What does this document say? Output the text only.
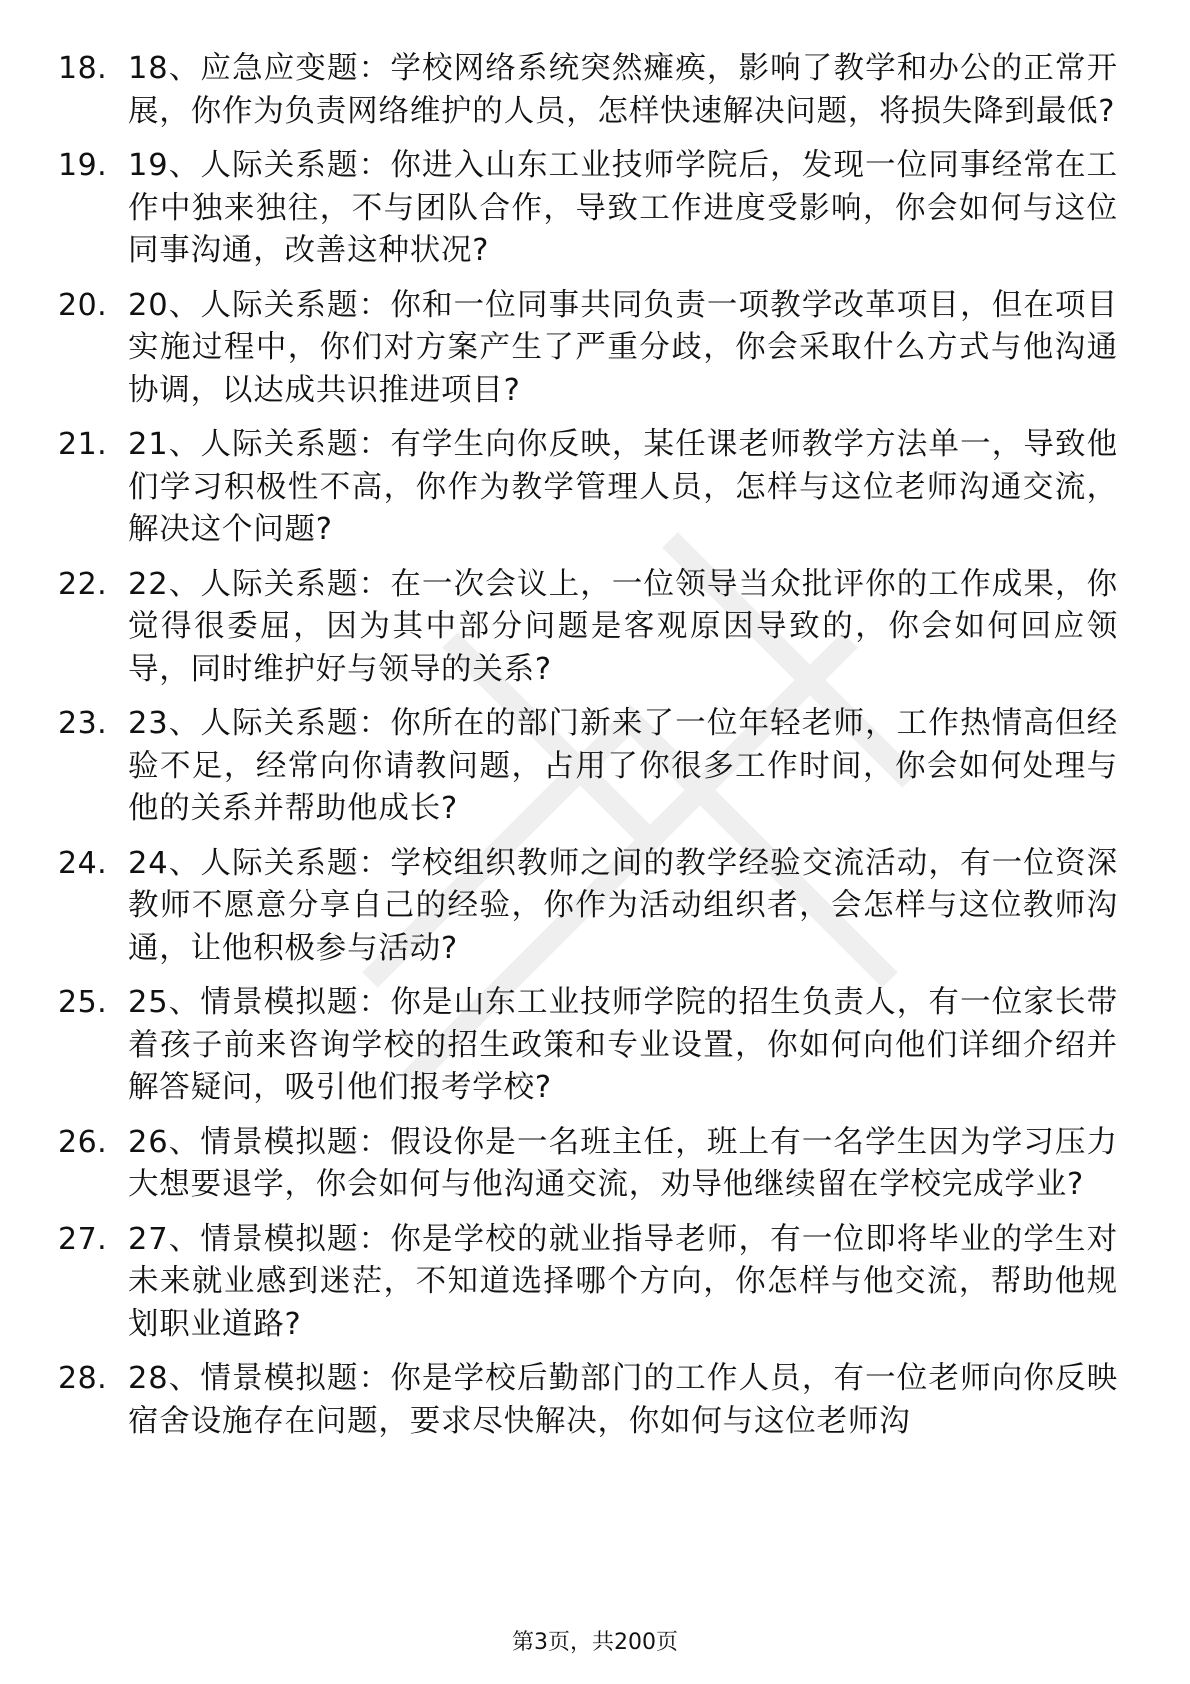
18. 18、应急应变题：学校网络系统突然瘫痪，影响了教学和办公的正常开展，你作为负责网络维护的人员，怎样快速解决问题，将损失降到最低?
19. 19、人际关系题：你进入山东工业技师学院后，发现一位同事经常在工作中独来独往，不与团队合作，导致工作进度受影响，你会如何与这位同事沟通，改善这种状况?
20. 20、人际关系题：你和一位同事共同负责一项教学改革项目，但在项目实施过程中，你们对方案产生了严重分歧，你会采取什么方式与他沟通协调，以达成共识推进项目?
21. 21、人际关系题：有学生向你反映，某任课老师教学方法单一，导致他们学习积极性不高，你作为教学管理人员，怎样与这位老师沟通交流，解决这个问题?
22. 22、人际关系题：在一次会议上，一位领导当众批评你的工作成果，你觉得很委屈，因为其中部分问题是客观原因导致的，你会如何回应领导，同时维护好与领导的关系?
23. 23、人际关系题：你所在的部门新来了一位年轻老师，工作热情高但经验不足，经常向你请教问题，占用了你很多工作时间，你会如何处理与他的关系并帮助他成长?
24. 24、人际关系题：学校组织教师之间的教学经验交流活动，有一位资深教师不愿意分享自己的经验，你作为活动组织者，会怎样与这位教师沟通，让他积极参与活动?
25. 25、情景模拟题：你是山东工业技师学院的招生负责人，有一位家长带着孩子前来咨询学校的招生政策和专业设置，你如何向他们详细介绍并解答疑问，吸引他们报考学校?
26. 26、情景模拟题：假设你是一名班主任，班上有一名学生因为学习压力大想要退学，你会如何与他沟通交流，劝导他继续留在学校完成学业?
27. 27、情景模拟题：你是学校的就业指导老师，有一位即将毕业的学生对未来就业感到迷茫，不知道选择哪个方向，你怎样与他交流，帮助他规划职业道路?
28. 28、情景模拟题：你是学校后勤部门的工作人员，有一位老师向你反映宿舍设施存在问题，要求尽快解决，你如何与这位老师沟
第3页，共200页
